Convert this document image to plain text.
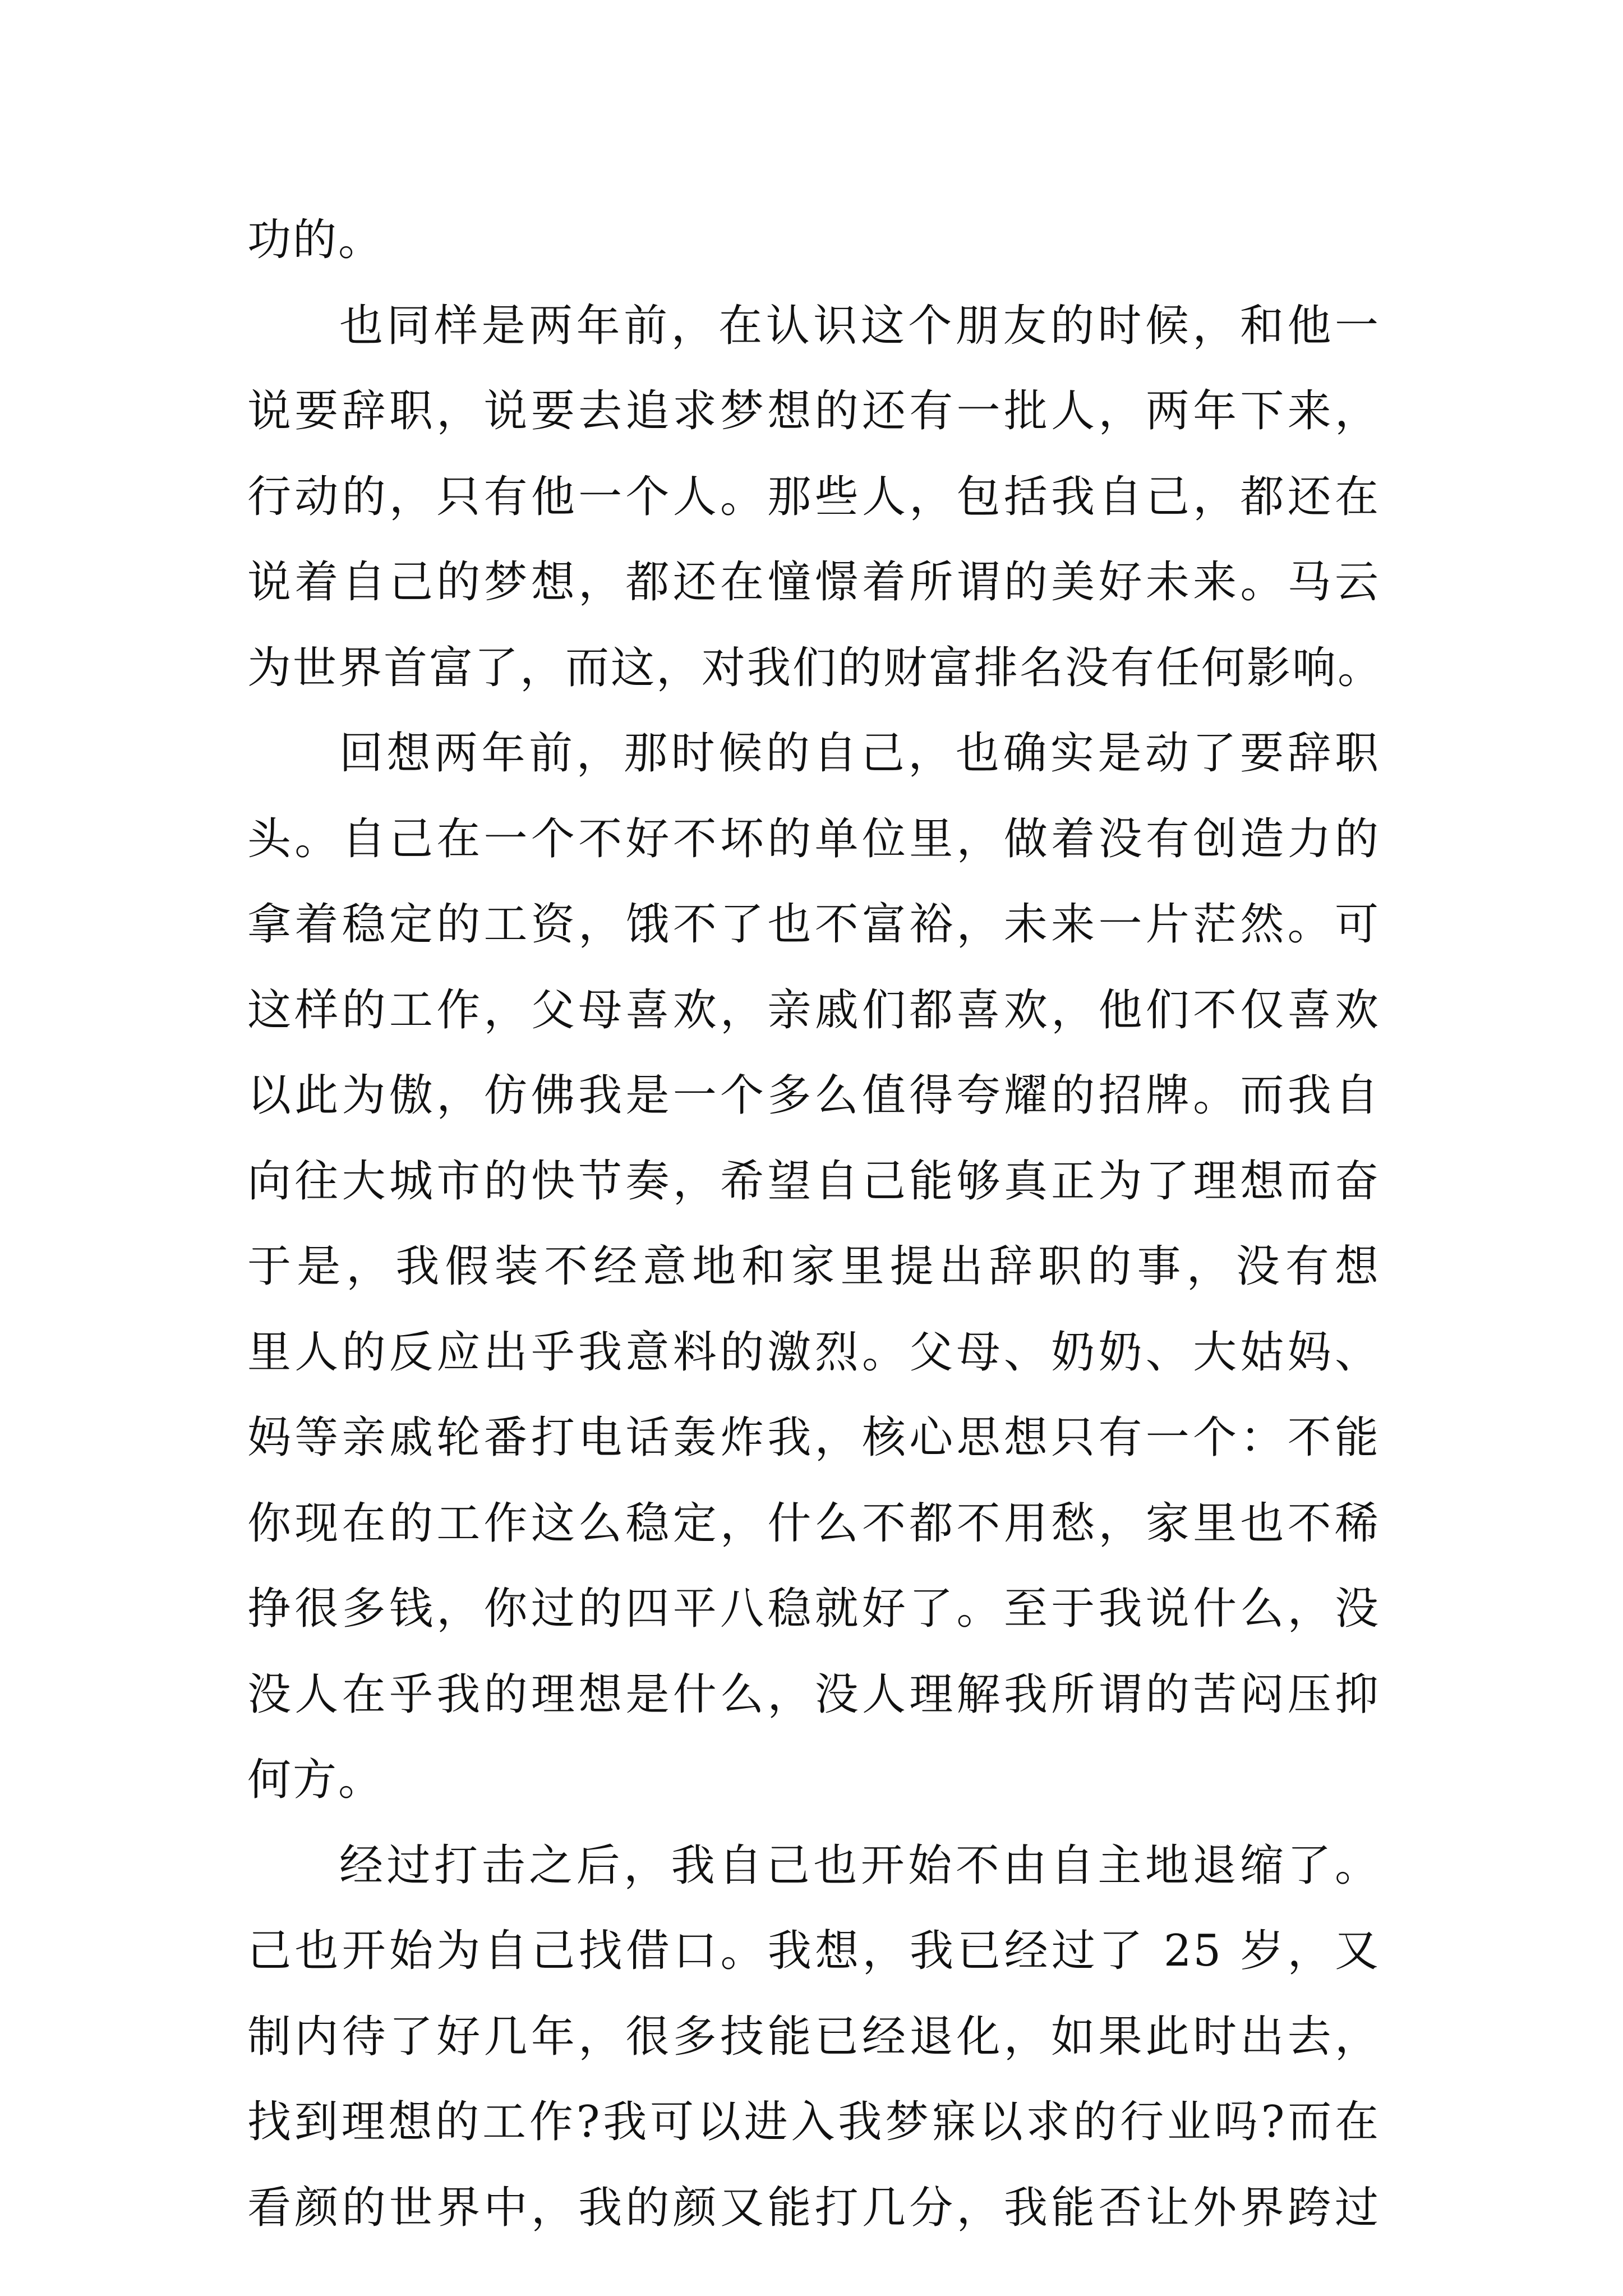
功的。
也同样是两年前，在认识这个朋友的时候，和他一
说要辞职，说要去追求梦想的还有一批人，两年下来，
行动的，只有他一个人。那些人，包括我自己，都还在
说着自己的梦想，都还在憧憬着所谓的美好未来。马云
为世界首富了，而这，对我们的财富排名没有任何影响。
回想两年前，那时候的自己，也确实是动了要辞职
头。自己在一个不好不坏的单位里，做着没有创造力的
拿着稳定的工资，饿不了也不富裕，未来一片茫然。可
这样的工作，父母喜欢，亲戚们都喜欢，他们不仅喜欢
以此为傲，仿佛我是一个多么值得夸耀的招牌。而我自
向往大城市的快节奏，希望自己能够真正为了理想而奋
于是，我假装不经意地和家里提出辞职的事，没有想
里人的反应出乎我意料的激烈。父母、奶奶、大姑妈、
妈等亲戚轮番打电话轰炸我，核心思想只有一个：不能
你现在的工作这么稳定，什么不都不用愁，家里也不稀
挣很多钱，你过的四平八稳就好了。至于我说什么，没
没人在乎我的理想是什么，没人理解我所谓的苦闷压抑
何方。
经过打击之后，我自己也开始不由自主地退缩了。
己也开始为自己找借口。我想，我已经过了 25 岁，又
制内待了好几年，很多技能已经退化，如果此时出去，
找到理想的工作?我可以进入我梦寐以求的行业吗?而在
看颜的世界中，我的颜又能打几分，我能否让外界跨过
